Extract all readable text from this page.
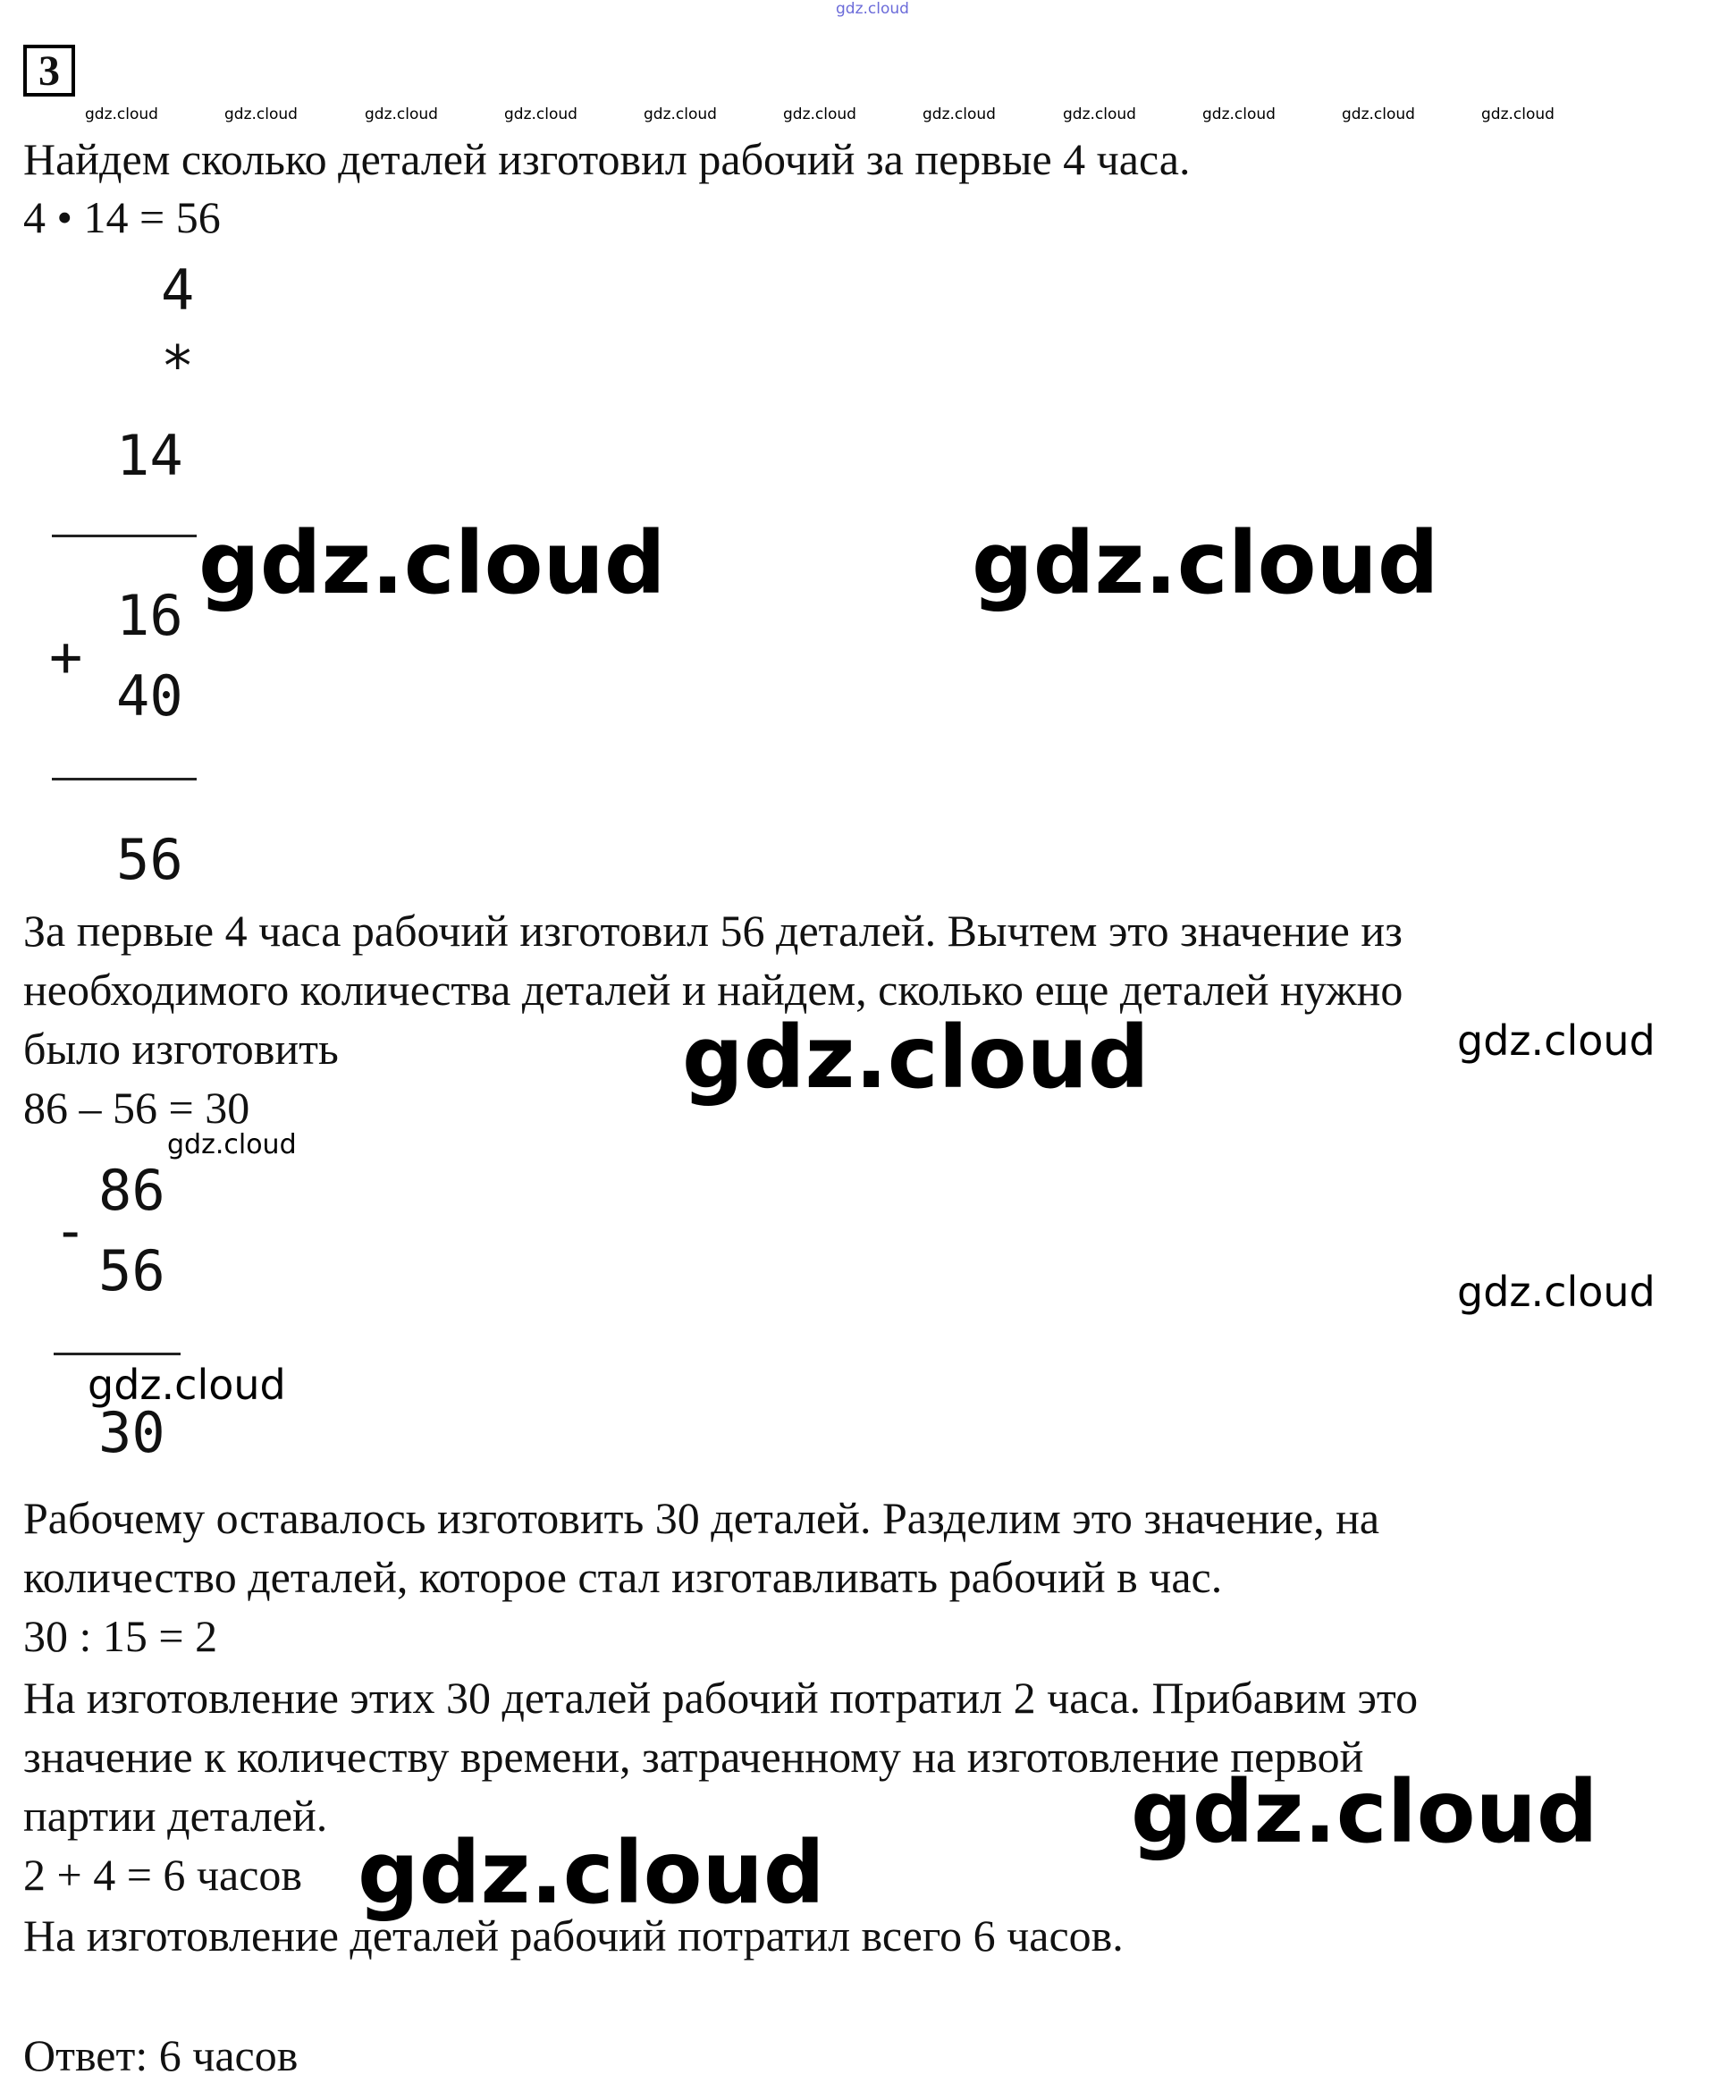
gdz.cloud
3
gdz.cloud	gdz.cloud	gdz.cloud	gdz.cloud	gdz.cloud	gdz.cloud	gdz.cloud	gdz.cloud	gdz.cloud	gdz.cloud	gdz.cloud
Найдем сколько деталей изготовил рабочий за первые 4 часа.
4 • 14 = 56
4
*
14
16
+
40
56
gdz.cloud	gdz.cloud
За первые 4 часа рабочий изготовил 56 деталей. Вычтем это значение из
необходимого количества деталей и найдем, сколько еще деталей нужно
было изготовить	gdz.cloud	gdz.cloud
86 – 56 = 30
gdz.cloud
86
-
56
gdz.cloud
30
gdz.cloud
Рабочему оставалось изготовить 30 деталей. Разделим это значение, на
количество деталей, которое стал изготавливать рабочий в час.
30 : 15 = 2
На изготовление этих 30 деталей рабочий потратил 2 часа. Прибавим это
значение к количеству времени, затраченному на изготовление первой
партии деталей.	gdz.cloud
2 + 4 = 6 часов gdz.cloud
На изготовление деталей рабочий потратил всего 6 часов.
Ответ: 6 часов
